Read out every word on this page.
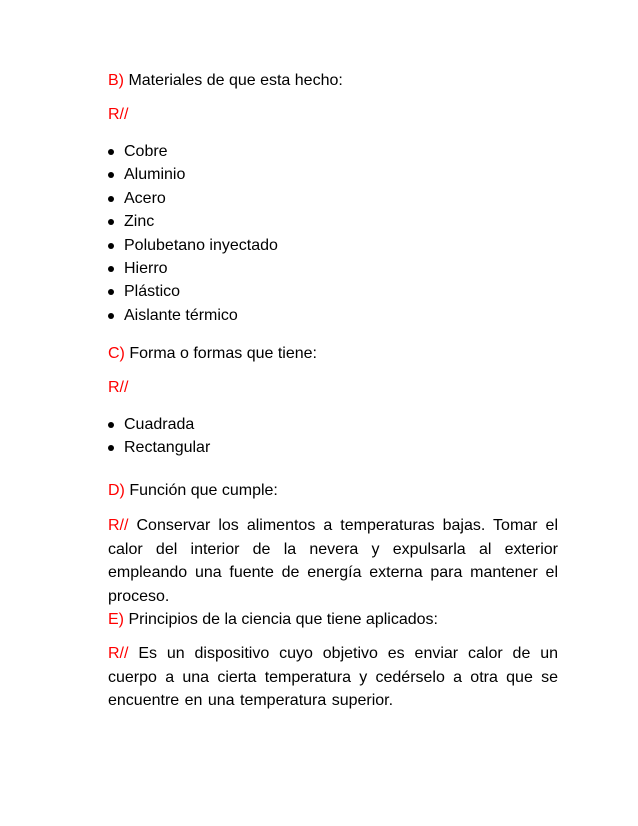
B) Materiales de que esta hecho:

R//

Cobre
Aluminio
Acero
Zinc
Polubetano inyectado
Hierro
Plástico
Aislante térmico

C) Forma o formas que tiene:

R//

Cuadrada
Rectangular

D) Función que cumple:

R// Conservar los alimentos a temperaturas bajas. Tomar el calor del interior de la nevera y expulsarla al exterior empleando una fuente de energía externa para mantener el proceso.

E) Principios de la ciencia que tiene aplicados:

R// Es un dispositivo cuyo objetivo es enviar calor de un cuerpo a una cierta temperatura y cedérselo a otra que se encuentre en una temperatura superior.
